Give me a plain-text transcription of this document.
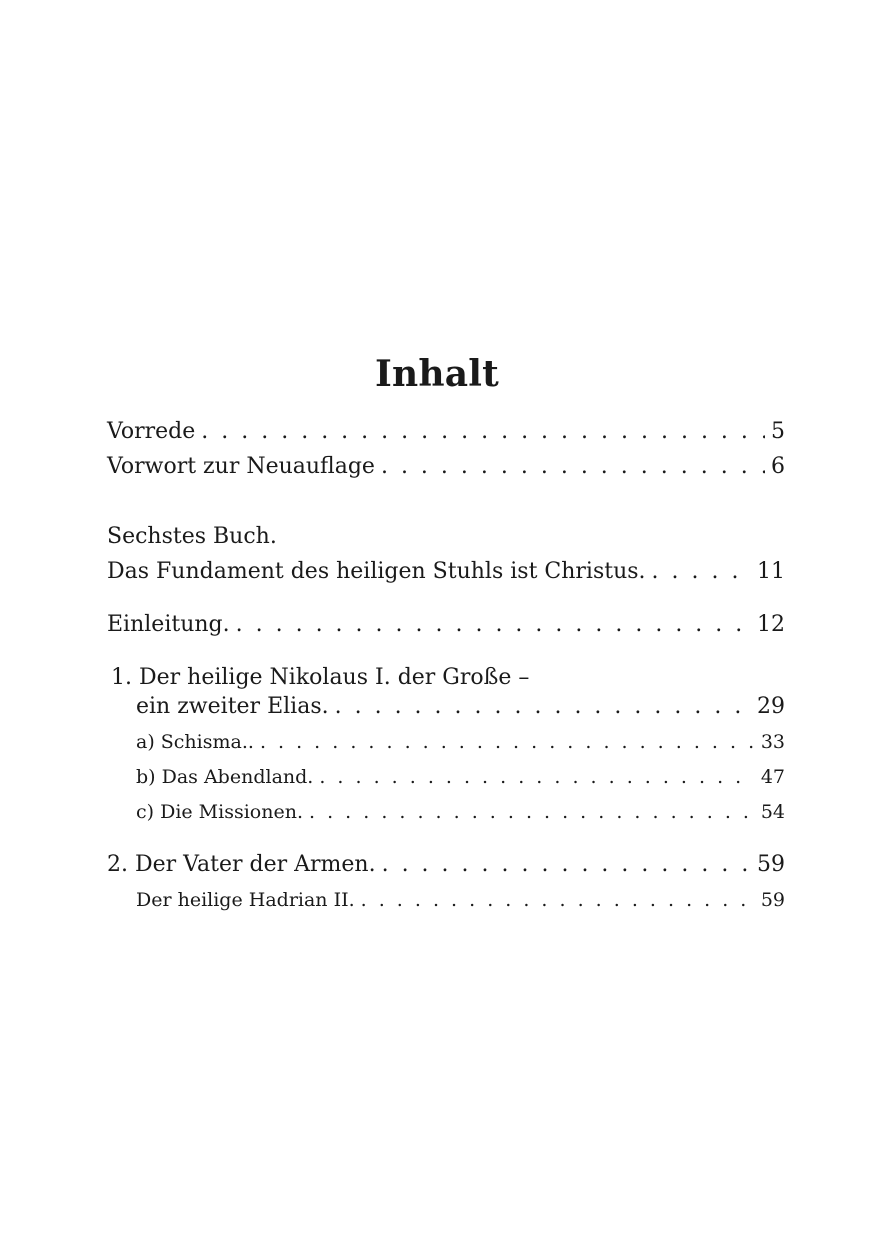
Inhalt
Vorrede . . .	5
Vorwort zur Neuauflage . . .	6
Sechstes Buch.
Das Fundament des heiligen Stuhls ist Christus. . . .	11
Einleitung. . . .	12
1. Der heilige Nikolaus I. der Große –
ein zweiter Elias. . . .	29
a) Schisma.. . . .	33
b) Das Abendland. . . .	47
c) Die Missionen. . . .	54
2. Der Vater der Armen. . . .	59
Der heilige Hadrian II. . . .	59
